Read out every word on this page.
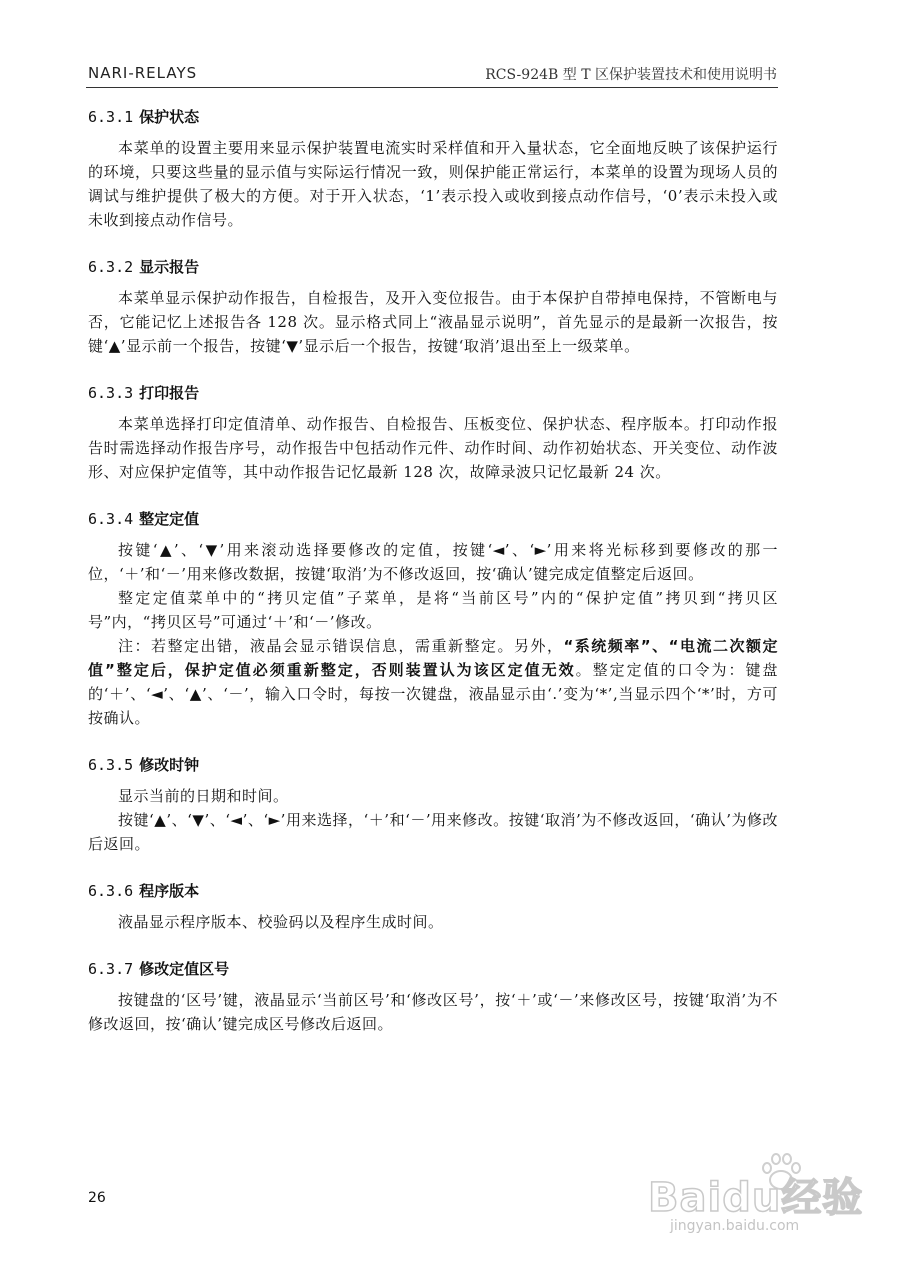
NARI-RELAYS	RCS-924B 型 T 区保护装置技术和使用说明书
6.3.1 保护状态

本菜单的设置主要用来显示保护装置电流实时采样值和开入量状态，它全面地反映了该保护运行的环境，只要这些量的显示值与实际运行情况一致，则保护能正常运行，本菜单的设置为现场人员的调试与维护提供了极大的方便。对于开入状态，‘1’表示投入或收到接点动作信号，‘0’表示未投入或未收到接点动作信号。

6.3.2 显示报告

本菜单显示保护动作报告，自检报告，及开入变位报告。由于本保护自带掉电保持，不管断电与否，它能记忆上述报告各 128 次。显示格式同上“液晶显示说明”，首先显示的是最新一次报告，按键‘▲’显示前一个报告，按键‘▼’显示后一个报告，按键‘取消’退出至上一级菜单。

6.3.3 打印报告

本菜单选择打印定值清单、动作报告、自检报告、压板变位、保护状态、程序版本。打印动作报告时需选择动作报告序号，动作报告中包括动作元件、动作时间、动作初始状态、开关变位、动作波形、对应保护定值等，其中动作报告记忆最新 128 次，故障录波只记忆最新 24 次。

6.3.4 整定定值

按键‘▲’、‘▼’用来滚动选择要修改的定值，按键‘◄’、‘►’用来将光标移到要修改的那一位，‘＋’和‘－’用来修改数据，按键‘取消’为不修改返回，按‘确认’键完成定值整定后返回。

整定定值菜单中的“拷贝定值”子菜单，是将“当前区号”内的“保护定值”拷贝到“拷贝区号”内，“拷贝区号”可通过‘＋’和‘－’修改。

注：若整定出错，液晶会显示错误信息，需重新整定。另外，“系统频率”、“电流二次额定值”整定后，保护定值必须重新整定，否则装置认为该区定值无效。整定定值的口令为：键盘的‘＋’、‘◄’、‘▲’、‘－’，输入口令时，每按一次键盘，液晶显示由‘.’变为‘*’,当显示四个‘*’时，方可按确认。

6.3.5 修改时钟

显示当前的日期和时间。

按键‘▲’、‘▼’、‘◄’、‘►’用来选择，‘＋’和‘－’用来修改。按键‘取消’为不修改返回，‘确认’为修改后返回。

6.3.6 程序版本

液晶显示程序版本、校验码以及程序生成时间。

6.3.7 修改定值区号

按键盘的‘区号’键，液晶显示‘当前区号’和‘修改区号’，按‘＋’或‘－’来修改区号，按键‘取消’为不修改返回，按‘确认’键完成区号修改后返回。

26	Baidu经验
jingyan.baidu.com
